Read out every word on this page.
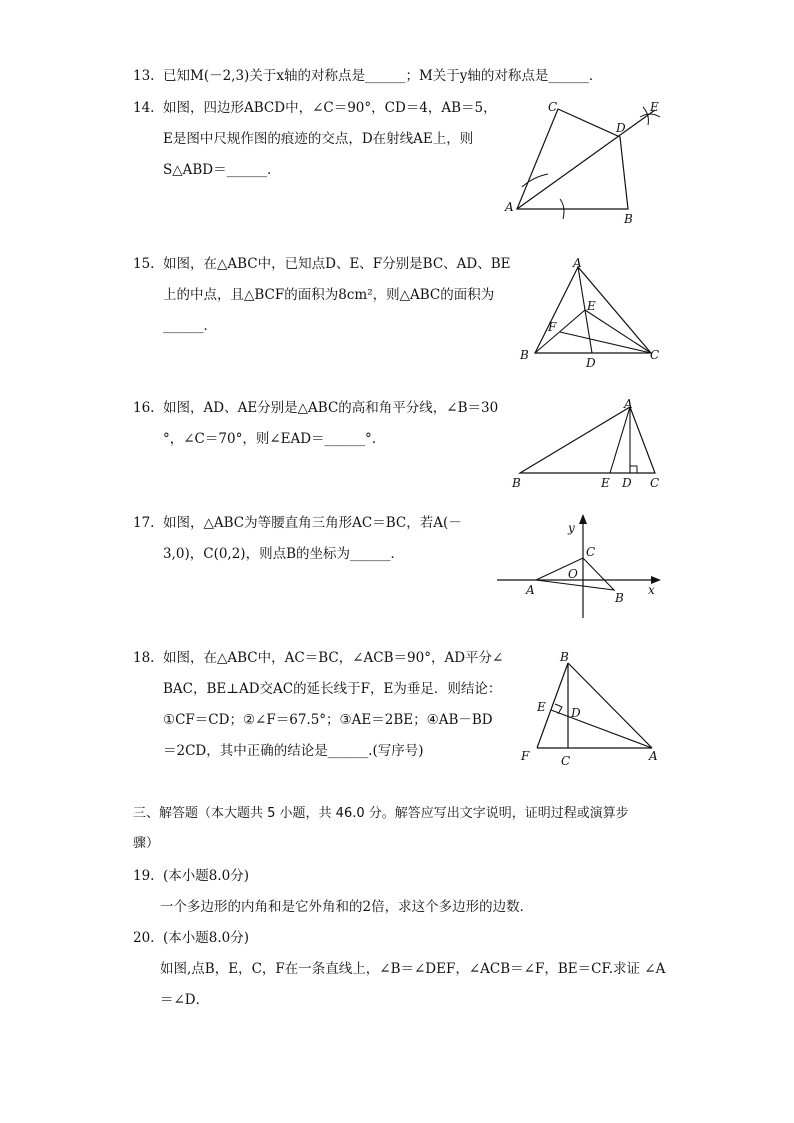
13. 已知M(－2,3)关于x轴的对称点是______；M关于y轴的对称点是______．
14. 如图，四边形ABCD中，∠C＝90°，CD＝4，AB＝5，
E是图中尺规作图的痕迹的交点，D在射线AE上，则
S△ABD＝______．
A
B
C
D
E
15. 如图，在△ABC中，已知点D、E、F分别是BC、AD、BE
上的中点，且△BCF的面积为8cm²，则△ABC的面积为
______．
A
B	C
D
E
F
16. 如图，AD、AE分别是△ABC的高和角平分线，∠B＝30
°，∠C＝70°，则∠EAD＝______°.
A
B	C
D
E
17. 如图，△ABC为等腰直角三角形AC＝BC，若A(－
3,0)，C(0,2)，则点B的坐标为______．
y
x
C
O
A
B
18. 如图，在△ABC中，AC＝BC，∠ACB＝90°，AD平分∠
BAC，BE⊥AD交AC的延长线于F，E为垂足．则结论：
①CF＝CD；②∠F＝67.5°；③AE＝2BE；④AB－BD
＝2CD，其中正确的结论是______.(写序号)
B
E D
F	C	A
三、解答题（本大题共 5 小题，共 46.0 分。解答应写出文字说明，证明过程或演算步
骤）
19. (本小题8.0分)
一个多边形的内角和是它外角和的2倍，求这个多边形的边数．
20. (本小题8.0分)
如图,点B，E，C，F在一条直线上，∠B＝∠DEF，∠ACB＝∠F，BE＝CF.求证 ∠A
＝∠D．
